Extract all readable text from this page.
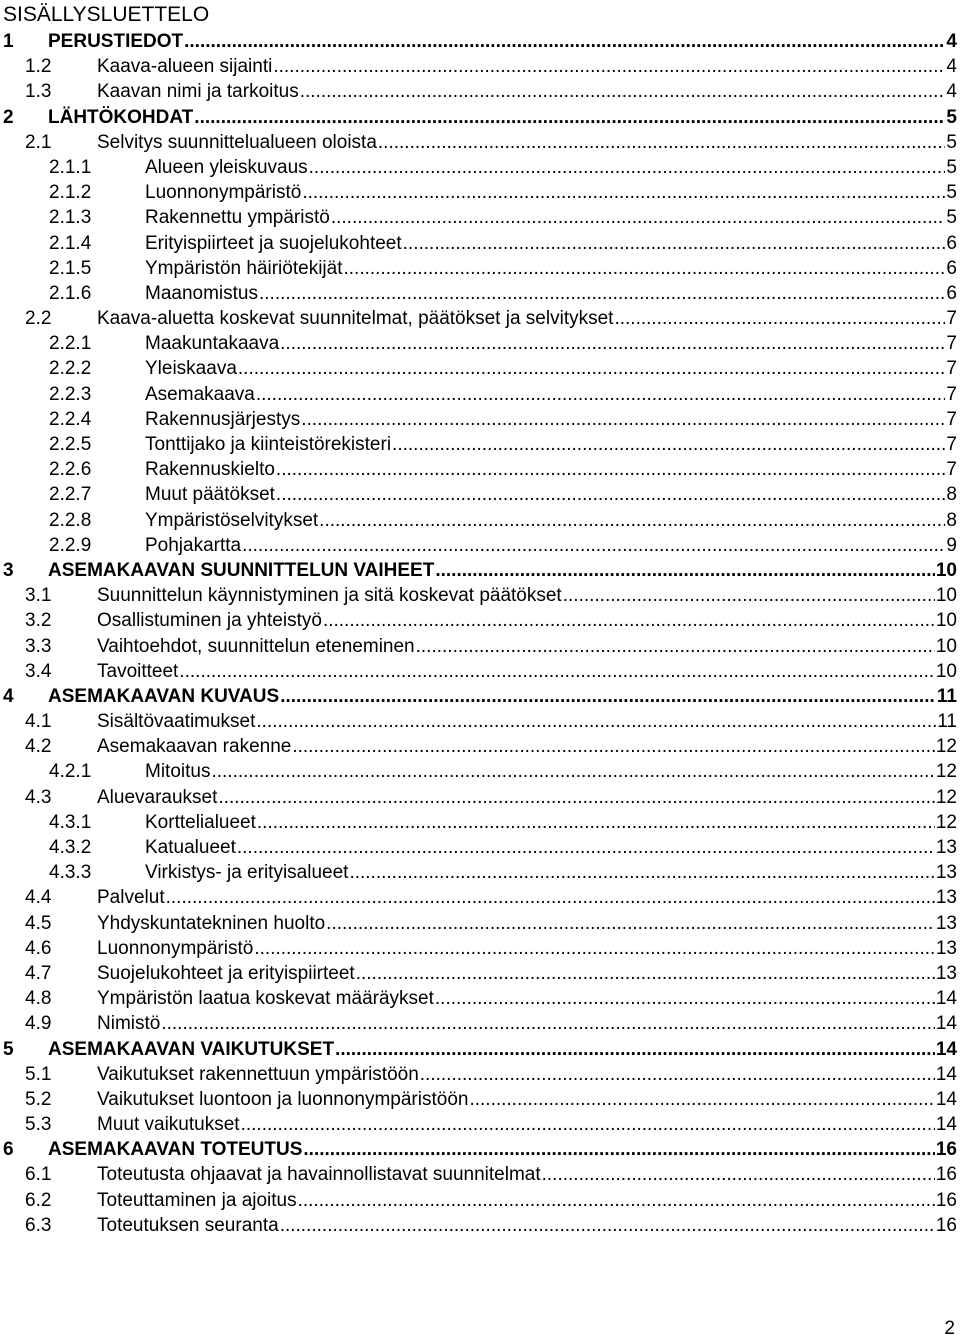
SISÄLLYSLUETTELO
1 PERUSTIEDOT .....	4
1.2 Kaava-alueen sijainti .....	4
1.3 Kaavan nimi ja tarkoitus .....	4
2 LÄHTÖKOHDAT .....	5
2.1 Selvitys suunnittelualueen oloista .....	5
2.1.1	Alueen yleiskuvaus .....	5
2.1.2	Luonnonympäristö .....	5
2.1.3	Rakennettu ympäristö .....	5
2.1.4	Erityispiirteet ja suojelukohteet .....	6
2.1.5	Ympäristön häiriötekijät .....	6
2.1.6	Maanomistus .....	6
2.2 Kaava-aluetta koskevat suunnitelmat, päätökset ja selvitykset .....	7
2.2.1	Maakuntakaava .....	7
2.2.2	Yleiskaava .....	7
2.2.3	Asemakaava .....	7
2.2.4	Rakennusjärjestys .....	7
2.2.5	Tonttijako ja kiinteistörekisteri .....	7
2.2.6	Rakennuskielto .....	7
2.2.7	Muut päätökset .....	8
2.2.8	Ympäristöselvitykset .....	8
2.2.9	Pohjakartta .....	9
3 ASEMAKAAVAN SUUNNITTELUN VAIHEET .....	10
3.1 Suunnittelun käynnistyminen ja sitä koskevat päätökset .....	10
3.2 Osallistuminen ja yhteistyö .....	10
3.3 Vaihtoehdot, suunnittelun eteneminen .....	10
3.4 Tavoitteet .....	10
4 ASEMAKAAVAN KUVAUS .....	11
4.1 Sisältövaatimukset .....	11
4.2 Asemakaavan rakenne .....	12
4.2.1	Mitoitus .....	12
4.3 Aluevaraukset .....	12
4.3.1	Korttelialueet .....	12
4.3.2	Katualueet .....	13
4.3.3	Virkistys- ja erityisalueet .....	13
4.4 Palvelut .....	13
4.5 Yhdyskuntatekninen huolto .....	13
4.6 Luonnonympäristö .....	13
4.7 Suojelukohteet ja erityispiirteet .....	13
4.8 Ympäristön laatua koskevat määräykset .....	14
4.9 Nimistö .....	14
5 ASEMAKAAVAN VAIKUTUKSET .....	14
5.1 Vaikutukset rakennettuun ympäristöön .....	14
5.2 Vaikutukset luontoon ja luonnonympäristöön .....	14
5.3 Muut vaikutukset .....	14
6 ASEMAKAAVAN TOTEUTUS .....	16
6.1 Toteutusta ohjaavat ja havainnollistavat suunnitelmat .....	16
6.2 Toteuttaminen ja ajoitus .....	16
6.3 Toteutuksen seuranta .....	16
2
